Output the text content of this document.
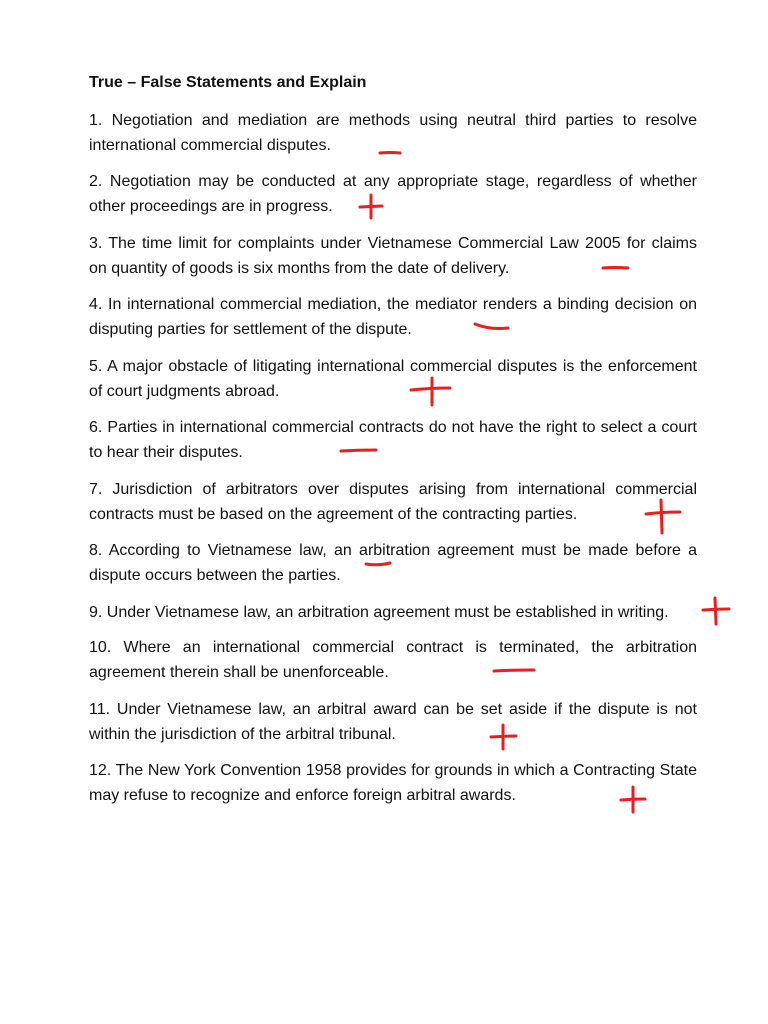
True – False Statements and Explain

1. Negotiation and mediation are methods using neutral third parties to resolve international commercial disputes.

2. Negotiation may be conducted at any appropriate stage, regardless of whether other proceedings are in progress.

3. The time limit for complaints under Vietnamese Commercial Law 2005 for claims on quantity of goods is six months from the date of delivery.

4. In international commercial mediation, the mediator renders a binding decision on disputing parties for settlement of the dispute.

5. A major obstacle of litigating international commercial disputes is the enforcement of court judgments abroad.

6. Parties in international commercial contracts do not have the right to select a court to hear their disputes.

7. Jurisdiction of arbitrators over disputes arising from international commercial contracts must be based on the agreement of the contracting parties.

8. According to Vietnamese law, an arbitration agreement must be made before a dispute occurs between the parties.

9. Under Vietnamese law, an arbitration agreement must be established in writing.

10. Where an international commercial contract is terminated, the arbitration agreement therein shall be unenforceable.

11. Under Vietnamese law, an arbitral award can be set aside if the dispute is not within the jurisdiction of the arbitral tribunal.

12. The New York Convention 1958 provides for grounds in which a Contracting State may refuse to recognize and enforce foreign arbitral awards.
